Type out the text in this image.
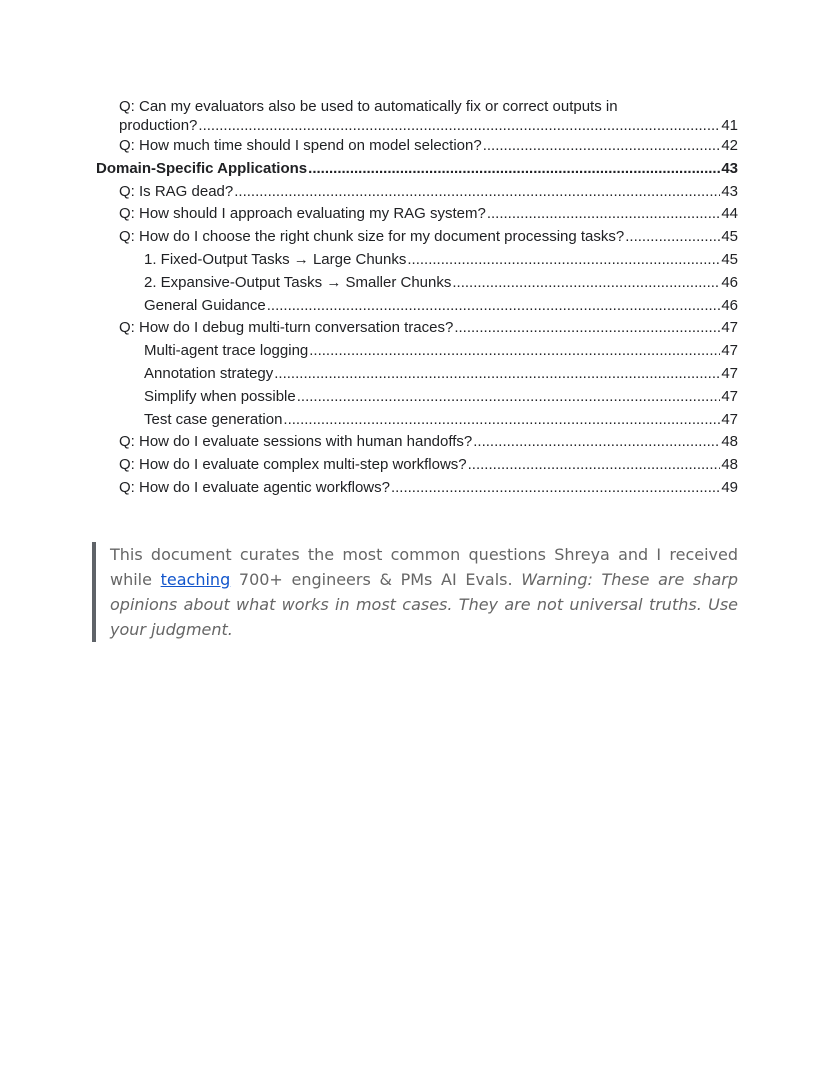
Q: Can my evaluators also be used to automatically fix or correct outputs in
production? .....	41
Q: How much time should I spend on model selection? .....	42
Domain-Specific Applications .....	43
Q: Is RAG dead? .....	43
Q: How should I approach evaluating my RAG system? .....	44
Q: How do I choose the right chunk size for my document processing tasks? .....	45
1. Fixed-Output Tasks → Large Chunks .....	45
2. Expansive-Output Tasks → Smaller Chunks .....	46
General Guidance .....	46
Q: How do I debug multi-turn conversation traces? .....	47
Multi-agent trace logging .....	47
Annotation strategy .....	47
Simplify when possible .....	47
Test case generation .....	47
Q: How do I evaluate sessions with human handoffs? .....	48
Q: How do I evaluate complex multi-step workflows? .....	48
Q: How do I evaluate agentic workflows? .....	49
This document curates the most common questions Shreya and I received while teaching 700+ engineers & PMs AI Evals. Warning: These are sharp opinions about what works in most cases. They are not universal truths. Use your judgment.
